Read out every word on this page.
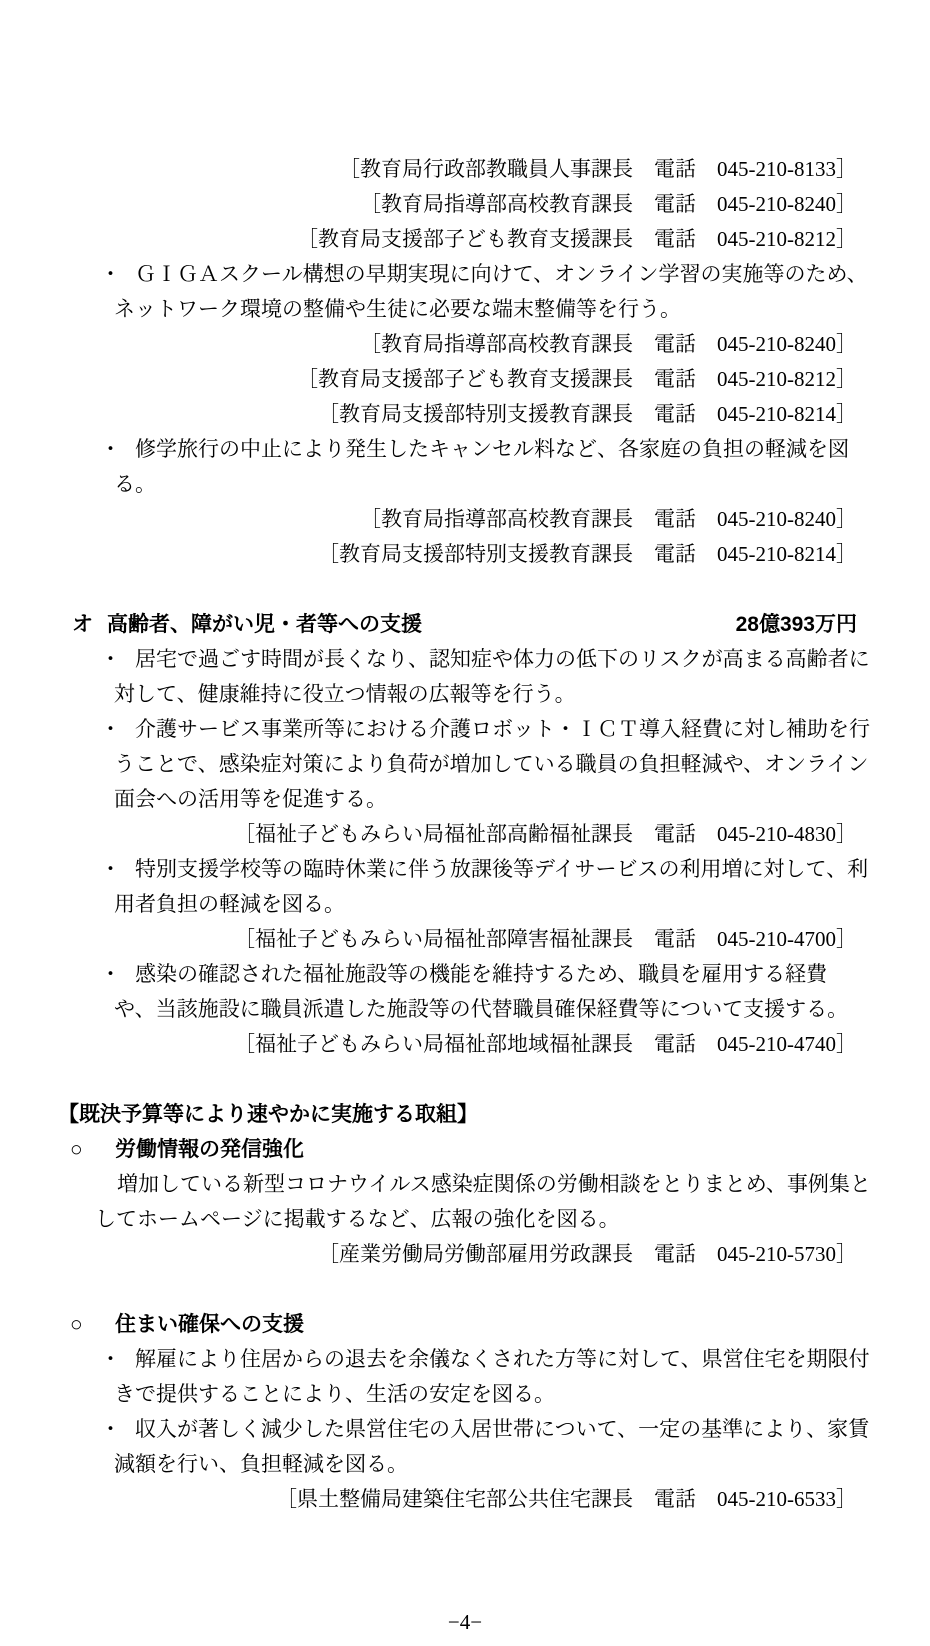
［教育局行政部教職員人事課長　電話　045-210-8133］
［教育局指導部高校教育課長　電話　045-210-8240］
［教育局支援部子ども教育支援課長　電話　045-210-8212］
・ ＧＩＧＡスクール構想の早期実現に向けて、オンライン学習の実施等のため、
ネットワーク環境の整備や生徒に必要な端末整備等を行う。
［教育局指導部高校教育課長　電話　045-210-8240］
［教育局支援部子ども教育支援課長　電話　045-210-8212］
［教育局支援部特別支援教育課長　電話　045-210-8214］
・ 修学旅行の中止により発生したキャンセル料など、各家庭の負担の軽減を図
る。
［教育局指導部高校教育課長　電話　045-210-8240］
［教育局支援部特別支援教育課長　電話　045-210-8214］
オ 高齢者、障がい児・者等への支援	28億393万円
・ 居宅で過ごす時間が長くなり、認知症や体力の低下のリスクが高まる高齢者に
対して、健康維持に役立つ情報の広報等を行う。
・ 介護サービス事業所等における介護ロボット・ＩＣＴ導入経費に対し補助を行
うことで、感染症対策により負荷が増加している職員の負担軽減や、オンライン
面会への活用等を促進する。
［福祉子どもみらい局福祉部高齢福祉課長　電話　045-210-4830］
・ 特別支援学校等の臨時休業に伴う放課後等デイサービスの利用増に対して、利
用者負担の軽減を図る。
［福祉子どもみらい局福祉部障害福祉課長　電話　045-210-4700］
・ 感染の確認された福祉施設等の機能を維持するため、職員を雇用する経費
や、当該施設に職員派遣した施設等の代替職員確保経費等について支援する。
［福祉子どもみらい局福祉部地域福祉課長　電話　045-210-4740］
【既決予算等により速やかに実施する取組】
○ 労働情報の発信強化
増加している新型コロナウイルス感染症関係の労働相談をとりまとめ、事例集と
してホームページに掲載するなど、広報の強化を図る。
［産業労働局労働部雇用労政課長　電話　045-210-5730］
○ 住まい確保への支援
・ 解雇により住居からの退去を余儀なくされた方等に対して、県営住宅を期限付
きで提供することにより、生活の安定を図る。
・ 収入が著しく減少した県営住宅の入居世帯について、一定の基準により、家賃
減額を行い、負担軽減を図る。
［県土整備局建築住宅部公共住宅課長　電話　045-210-6533］
−4−
